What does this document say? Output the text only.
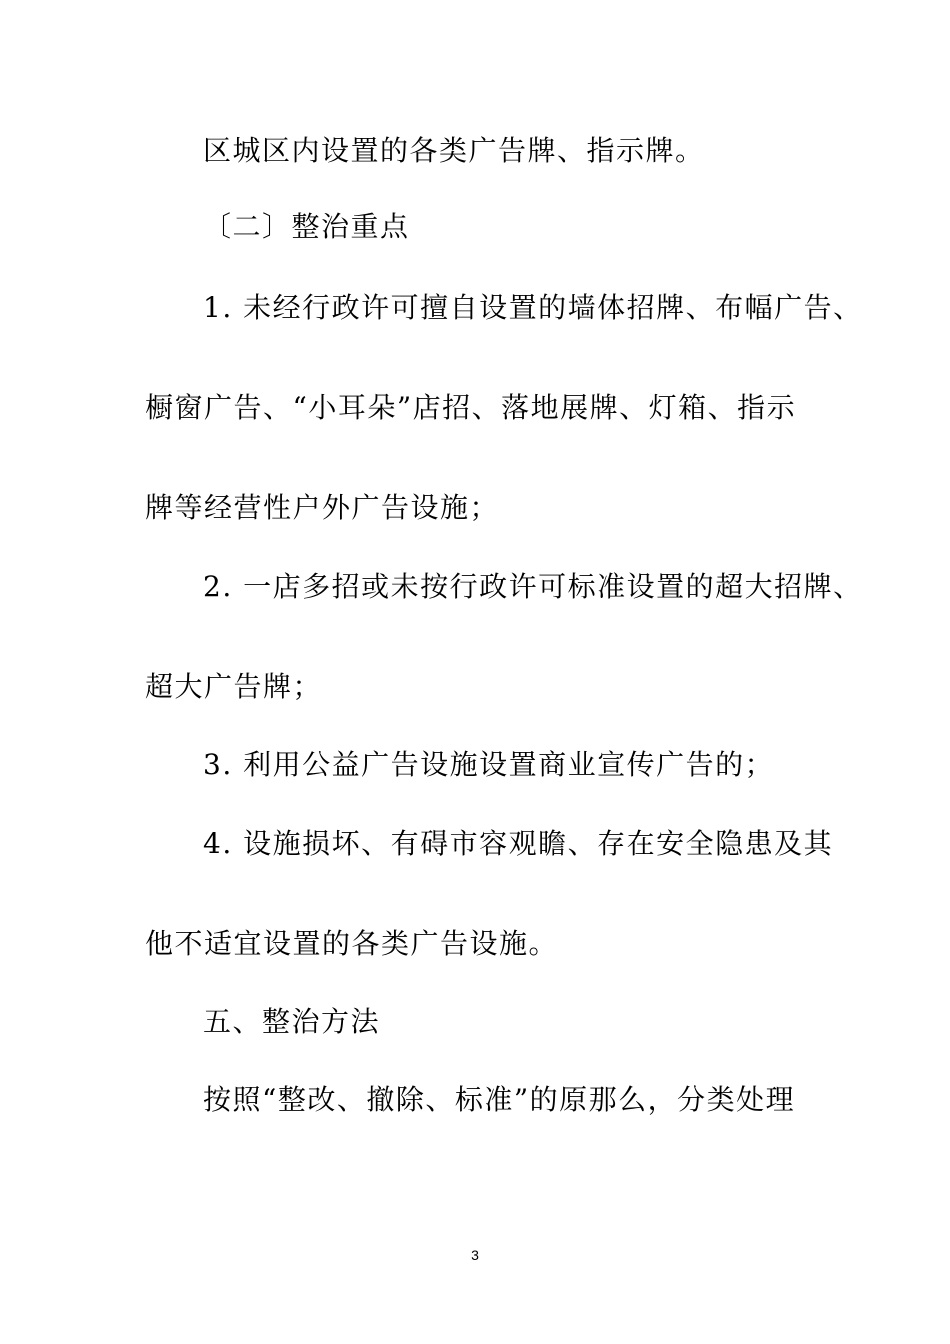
区城区内设置的各类广告牌、指示牌。
〔二〕整治重点
1. 未经行政许可擅自设置的墙体招牌、布幅广告、
橱窗广告、“小耳朵”店招、落地展牌、灯箱、指示
牌等经营性户外广告设施；
2. 一店多招或未按行政许可标准设置的超大招牌、
超大广告牌；
3. 利用公益广告设施设置商业宣传广告的；
4. 设施损坏、有碍市容观瞻、存在安全隐患及其
他不适宜设置的各类广告设施。
五、整治方法
按照“整改、撤除、标准”的原那么，分类处理
3
